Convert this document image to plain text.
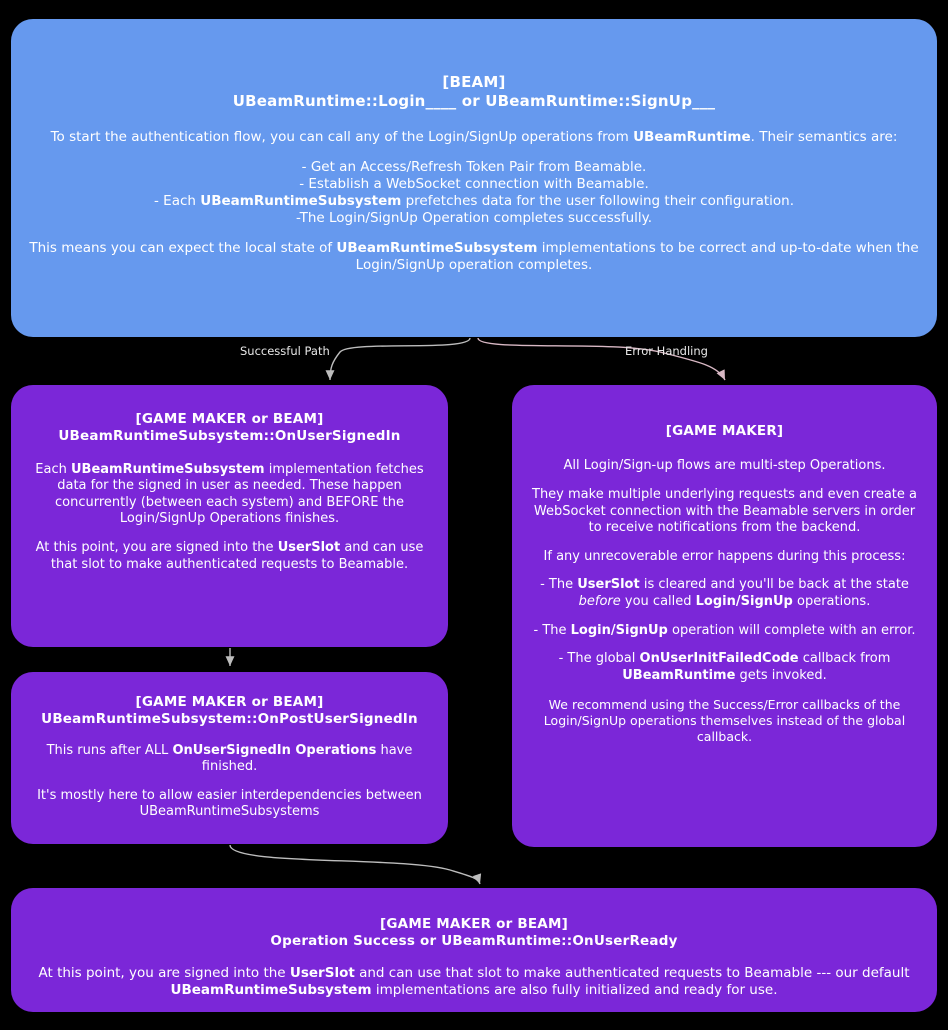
Successful Path	Error Handling
[BEAM]
UBeamRuntime::Login____ or UBeamRuntime::SignUp___

To start the authentication flow, you can call any of the Login/SignUp operations from UBeamRuntime. Their semantics are:

- Get an Access/Refresh Token Pair from Beamable.
- Establish a WebSocket connection with Beamable.
- Each UBeamRuntimeSubsystem prefetches data for the user following their configuration.
-The Login/SignUp Operation completes successfully.

This means you can expect the local state of UBeamRuntimeSubsystem implementations to be correct and up-to-date when the Login/SignUp operation completes.

[GAME MAKER or BEAM]
UBeamRuntimeSubsystem::OnUserSignedIn

Each UBeamRuntimeSubsystem implementation fetches data for the signed in user as needed. These happen concurrently (between each system) and BEFORE the Login/SignUp Operations finishes.

At this point, you are signed into the UserSlot and can use that slot to make authenticated requests to Beamable.

[GAME MAKER or BEAM]
UBeamRuntimeSubsystem::OnPostUserSignedIn

This runs after ALL OnUserSignedIn Operations have finished.

It's mostly here to allow easier interdependencies between UBeamRuntimeSubsystems

[GAME MAKER]

All Login/Sign-up flows are multi-step Operations.

They make multiple underlying requests and even create a WebSocket connection with the Beamable servers in order to receive notifications from the backend.

If any unrecoverable error happens during this process:

- The UserSlot is cleared and you'll be back at the state before you called Login/SignUp operations.

- The Login/SignUp operation will complete with an error.

- The global OnUserInitFailedCode callback from UBeamRuntime gets invoked.

We recommend using the Success/Error callbacks of the Login/SignUp operations themselves instead of the global callback.

[GAME MAKER or BEAM]
Operation Success or UBeamRuntime::OnUserReady

At this point, you are signed into the UserSlot and can use that slot to make authenticated requests to Beamable --- our default UBeamRuntimeSubsystem implementations are also fully initialized and ready for use.
